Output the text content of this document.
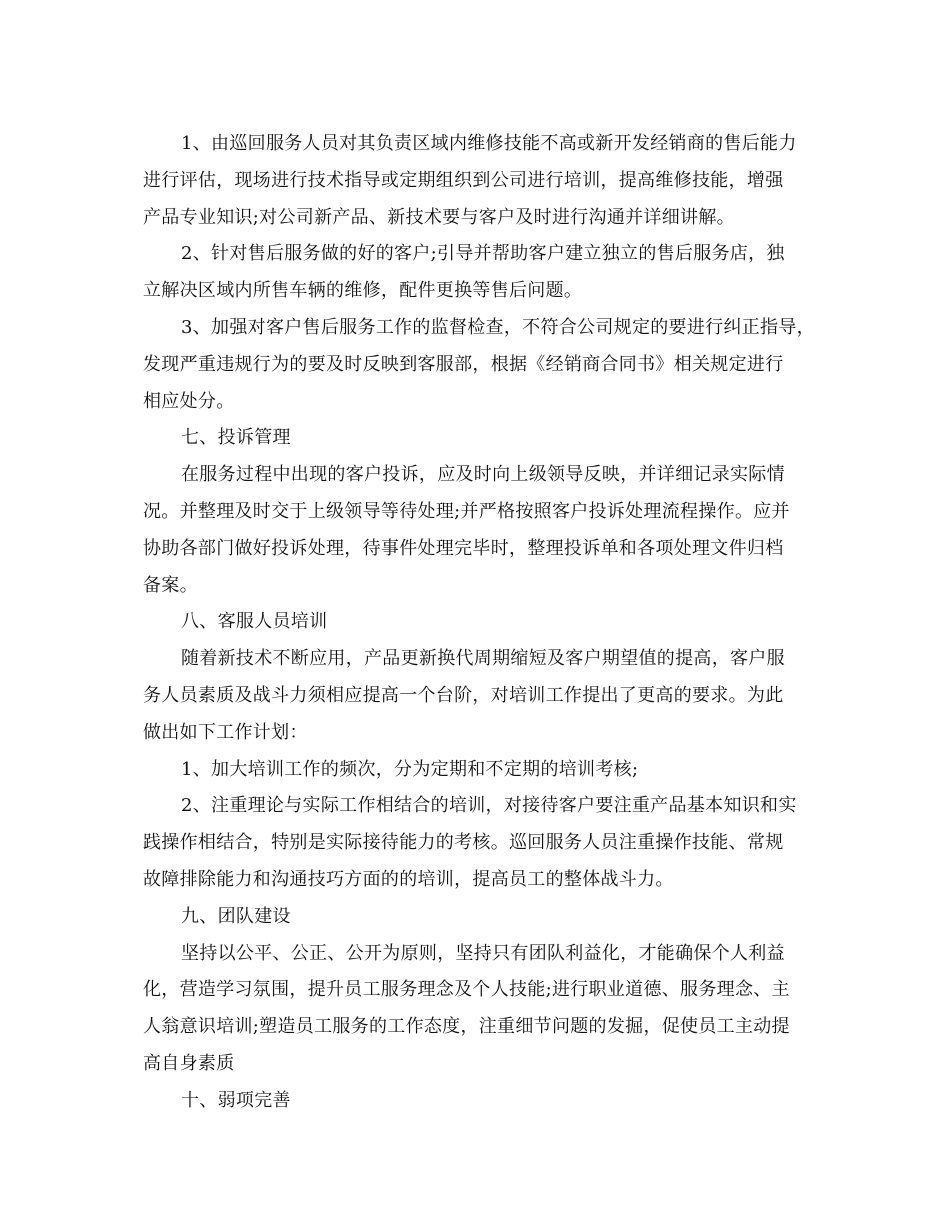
1、由巡回服务人员对其负责区域内维修技能不高或新开发经销商的售后能力
进行评估，现场进行技术指导或定期组织到公司进行培训，提高维修技能，增强
产品专业知识;对公司新产品、新技术要与客户及时进行沟通并详细讲解。
2、针对售后服务做的好的客户;引导并帮助客户建立独立的售后服务店，独
立解决区域内所售车辆的维修，配件更换等售后问题。
3、加强对客户售后服务工作的监督检查，不符合公司规定的要进行纠正指导，
发现严重违规行为的要及时反映到客服部，根据《经销商合同书》相关规定进行
相应处分。
七、投诉管理
在服务过程中出现的客户投诉，应及时向上级领导反映，并详细记录实际情
况。并整理及时交于上级领导等待处理;并严格按照客户投诉处理流程操作。应并
协助各部门做好投诉处理，待事件处理完毕时，整理投诉单和各项处理文件归档
备案。
八、客服人员培训
随着新技术不断应用，产品更新换代周期缩短及客户期望值的提高，客户服
务人员素质及战斗力须相应提高一个台阶，对培训工作提出了更高的要求。为此
做出如下工作计划：
1、加大培训工作的频次，分为定期和不定期的培训考核;
2、注重理论与实际工作相结合的培训，对接待客户要注重产品基本知识和实
践操作相结合，特别是实际接待能力的考核。巡回服务人员注重操作技能、常规
故障排除能力和沟通技巧方面的的培训，提高员工的整体战斗力。
九、团队建设
坚持以公平、公正、公开为原则，坚持只有团队利益化，才能确保个人利益
化，营造学习氛围，提升员工服务理念及个人技能;进行职业道德、服务理念、主
人翁意识培训;塑造员工服务的工作态度，注重细节问题的发掘，促使员工主动提
高自身素质
十、弱项完善
